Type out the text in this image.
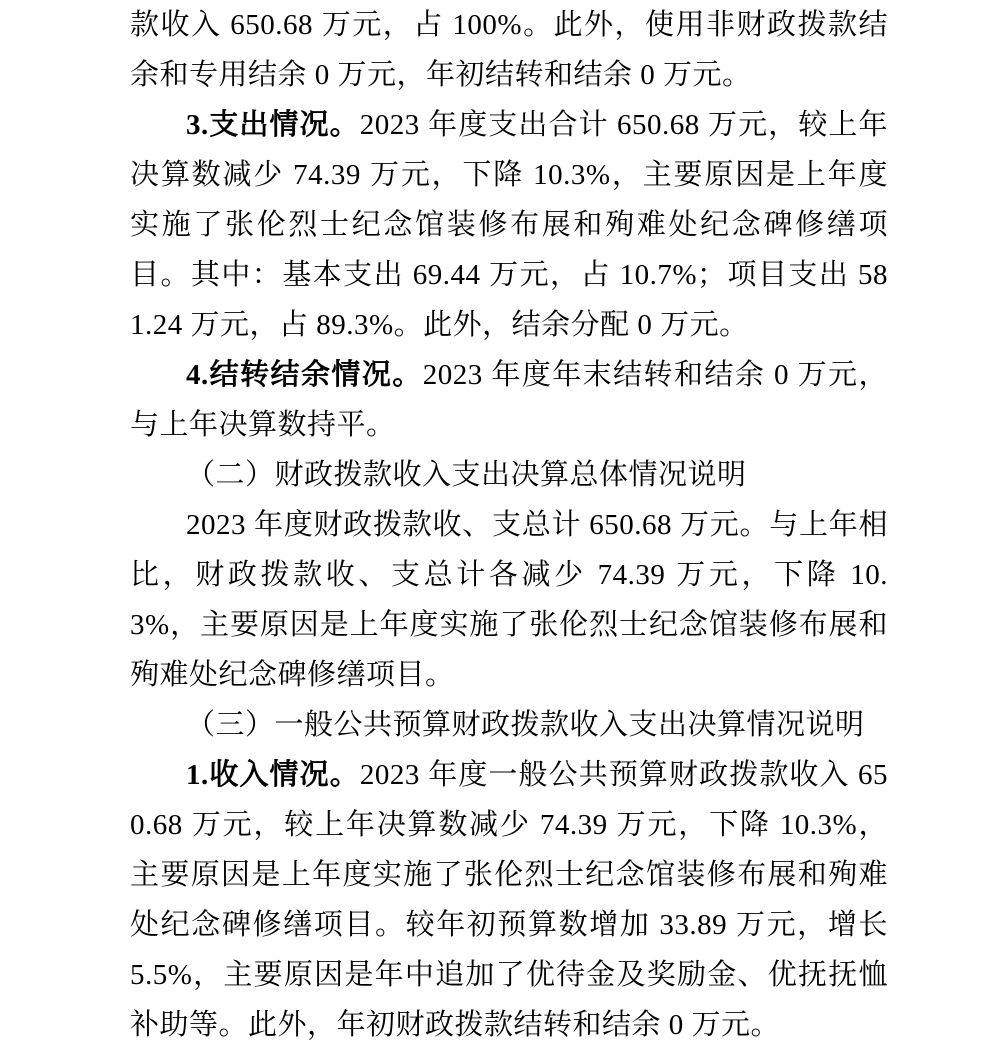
款收入 650.68 万元，占 100%。此外，使用非财政拨款结余和专用结余 0 万元，年初结转和结余 0 万元。

3.支出情况。2023 年度支出合计 650.68 万元，较上年决算数减少 74.39 万元，下降 10.3%，主要原因是上年度实施了张伦烈士纪念馆装修布展和殉难处纪念碑修缮项目。其中：基本支出 69.44 万元，占 10.7%；项目支出 581.24 万元，占 89.3%。此外，结余分配 0 万元。

4.结转结余情况。2023 年度年末结转和结余 0 万元，与上年决算数持平。

（二）财政拨款收入支出决算总体情况说明

2023 年度财政拨款收、支总计 650.68 万元。与上年相比，财政拨款收、支总计各减少 74.39 万元，下降 10.3%，主要原因是上年度实施了张伦烈士纪念馆装修布展和殉难处纪念碑修缮项目。

（三）一般公共预算财政拨款收入支出决算情况说明

1.收入情况。2023 年度一般公共预算财政拨款收入 650.68 万元，较上年决算数减少 74.39 万元，下降 10.3%，主要原因是上年度实施了张伦烈士纪念馆装修布展和殉难处纪念碑修缮项目。较年初预算数增加 33.89 万元，增长 5.5%，主要原因是年中追加了优待金及奖励金、优抚抚恤补助等。此外，年初财政拨款结转和结余 0 万元。
